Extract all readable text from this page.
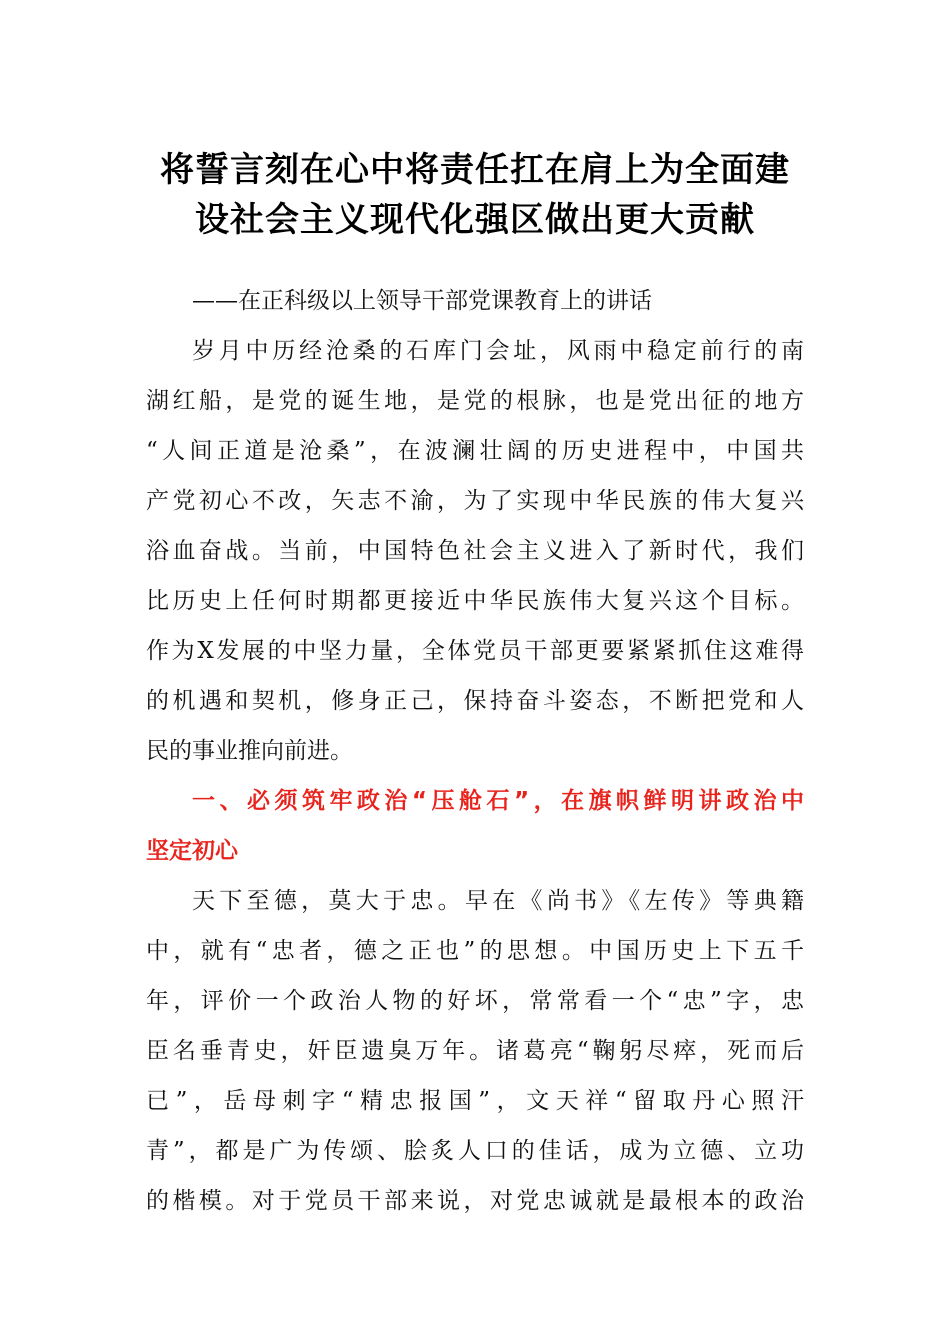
将誓言刻在心中将责任扛在肩上为全面建
设社会主义现代化强区做出更大贡献
——在正科级以上领导干部党课教育上的讲话
岁月中历经沧桑的石库门会址，风雨中稳定前行的南
湖红船，是党的诞生地，是党的根脉，也是党出征的地方
“人间正道是沧桑”，在波澜壮阔的历史进程中，中国共
产党初心不改，矢志不渝，为了实现中华民族的伟大复兴
浴血奋战。当前，中国特色社会主义进入了新时代，我们
比历史上任何时期都更接近中华民族伟大复兴这个目标。
作为X发展的中坚力量，全体党员干部更要紧紧抓住这难得
的机遇和契机，修身正己，保持奋斗姿态，不断把党和人
民的事业推向前进。
一、必须筑牢政治“压舱石”，在旗帜鲜明讲政治中
坚定初心
天下至德，莫大于忠。早在《尚书》《左传》等典籍
中，就有“忠者，德之正也”的思想。中国历史上下五千
年，评价一个政治人物的好坏，常常看一个“忠”字，忠
臣名垂青史，奸臣遗臭万年。诸葛亮“鞠躬尽瘁，死而后
已”，岳母刺字“精忠报国”，文天祥“留取丹心照汗
青”，都是广为传颂、脍炙人口的佳话，成为立德、立功
的楷模。对于党员干部来说，对党忠诚就是最根本的政治
